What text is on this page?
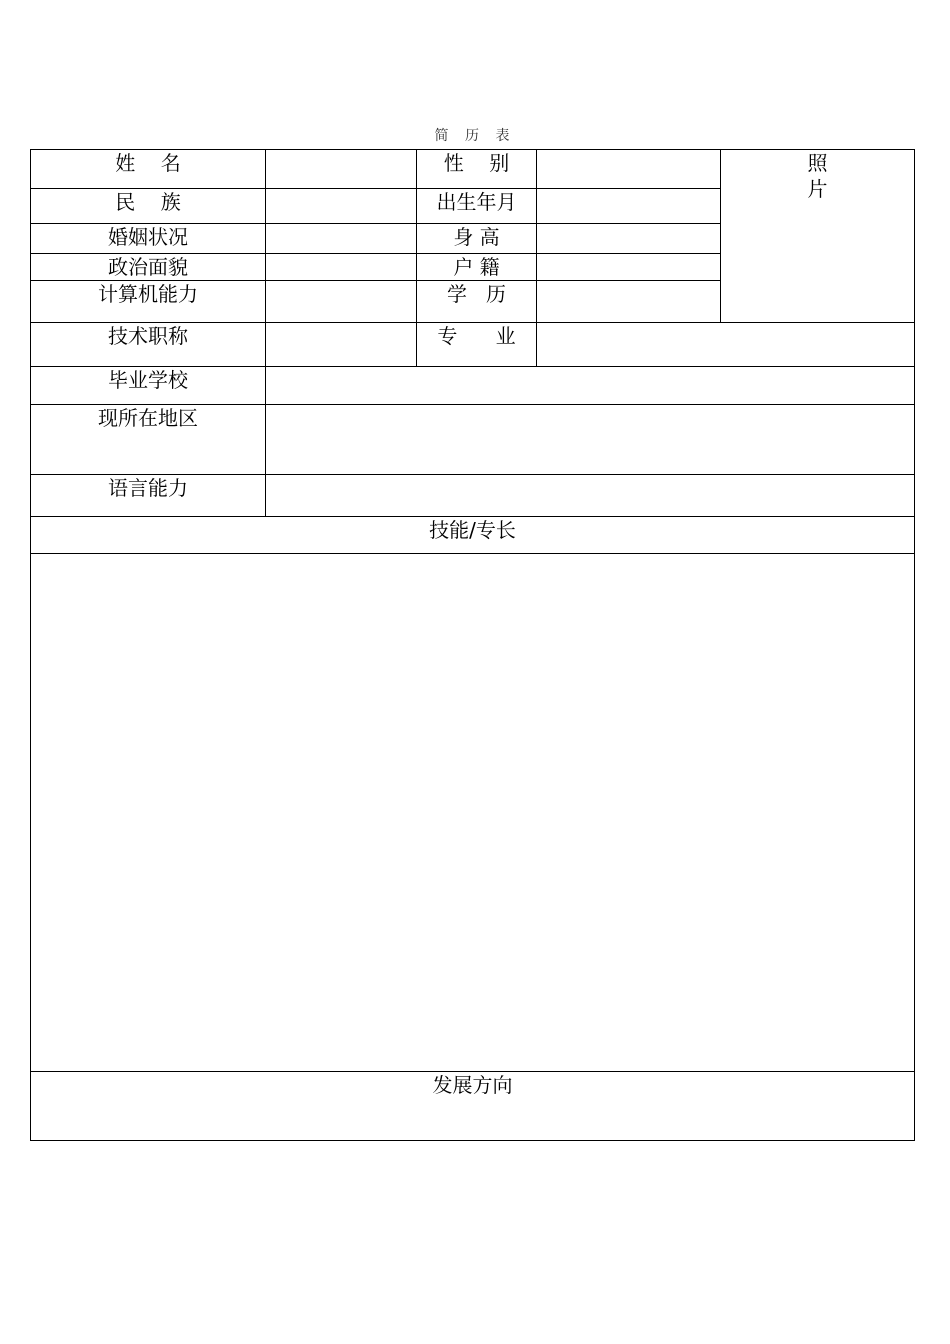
简 历 表
姓    名		性    别		照片
民    族		出生年月		
婚姻状况		身 高		
政治面貌		户 籍		
计算机能力		学   历		
技术职称		专      业		
毕业学校				
现所在地区				
语言能力				
技能/专长				

发展方向				
